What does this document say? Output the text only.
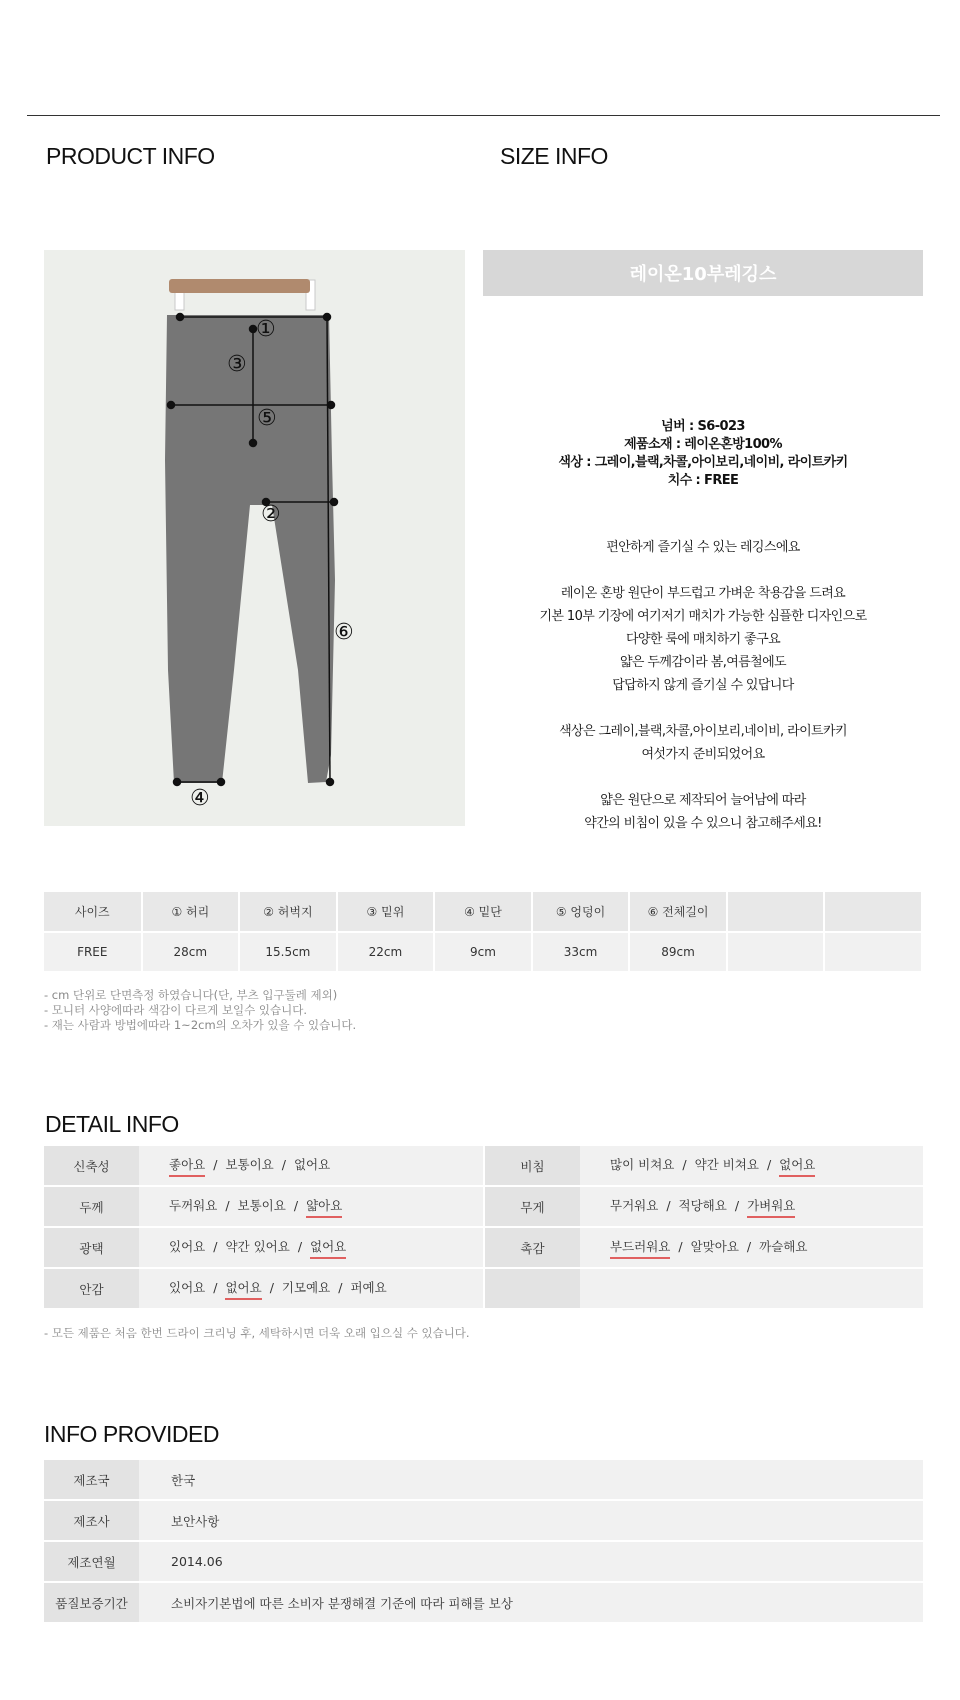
PRODUCT INFO	SIZE INFO
①
②
③
④
⑤
⑥
레이온10부레깅스
넘버 : S6-023
제품소재 : 레이온혼방100%
색상 : 그레이,블랙,차콜,아이보리,네이비, 라이트카키
치수 : FREE
편안하게 즐기실 수 있는 레깅스에요
레이온 혼방 원단이 부드럽고 가벼운 착용감을 드려요
기본 10부 기장에 여기저기 매치가 가능한 심플한 디자인으로
다양한 룩에 매치하기 좋구요
얇은 두께감이라 봄,여름철에도
답답하지 않게 즐기실 수 있답니다
색상은 그레이,블랙,차콜,아이보리,네이비, 라이트카키
여섯가지 준비되었어요
얇은 원단으로 제작되어 늘어남에 따라
약간의 비침이 있을 수 있으니 참고해주세요!
사이즈	① 허리	② 허벅지	③ 밑위	④ 밑단	⑤ 엉덩이	⑥ 전체길이		
FREE	28cm	15.5cm	22cm	9cm	33cm	89cm		
- cm 단위로 단면측정 하였습니다(단, 부츠 입구둘레 제외)
- 모니터 사양에따라 색감이 다르게 보일수 있습니다.
- 재는 사람과 방법에따라 1~2cm의 오차가 있을 수 있습니다.
DETAIL INFO
신축성	좋아요 / 보통이요 / 없어요	비침	많이 비쳐요 / 약간 비쳐요 / 없어요
두께	두꺼워요 / 보통이요 / 얇아요	무게	무거워요 / 적당해요 / 가벼워요
광택	있어요 / 약간 있어요 / 없어요	촉감	부드러워요 / 알맞아요 / 까슬해요
안감	있어요 / 없어요 / 기모예요 / 퍼예요		
- 모든 제품은 처음 한번 드라이 크리닝 후, 세탁하시면 더욱 오래 입으실 수 있습니다.
INFO PROVIDED
제조국	한국
제조사	보안사항
제조연월	2014.06
품질보증기간	소비자기본법에 따른 소비자 분쟁해결 기준에 따라 피해를 보상
